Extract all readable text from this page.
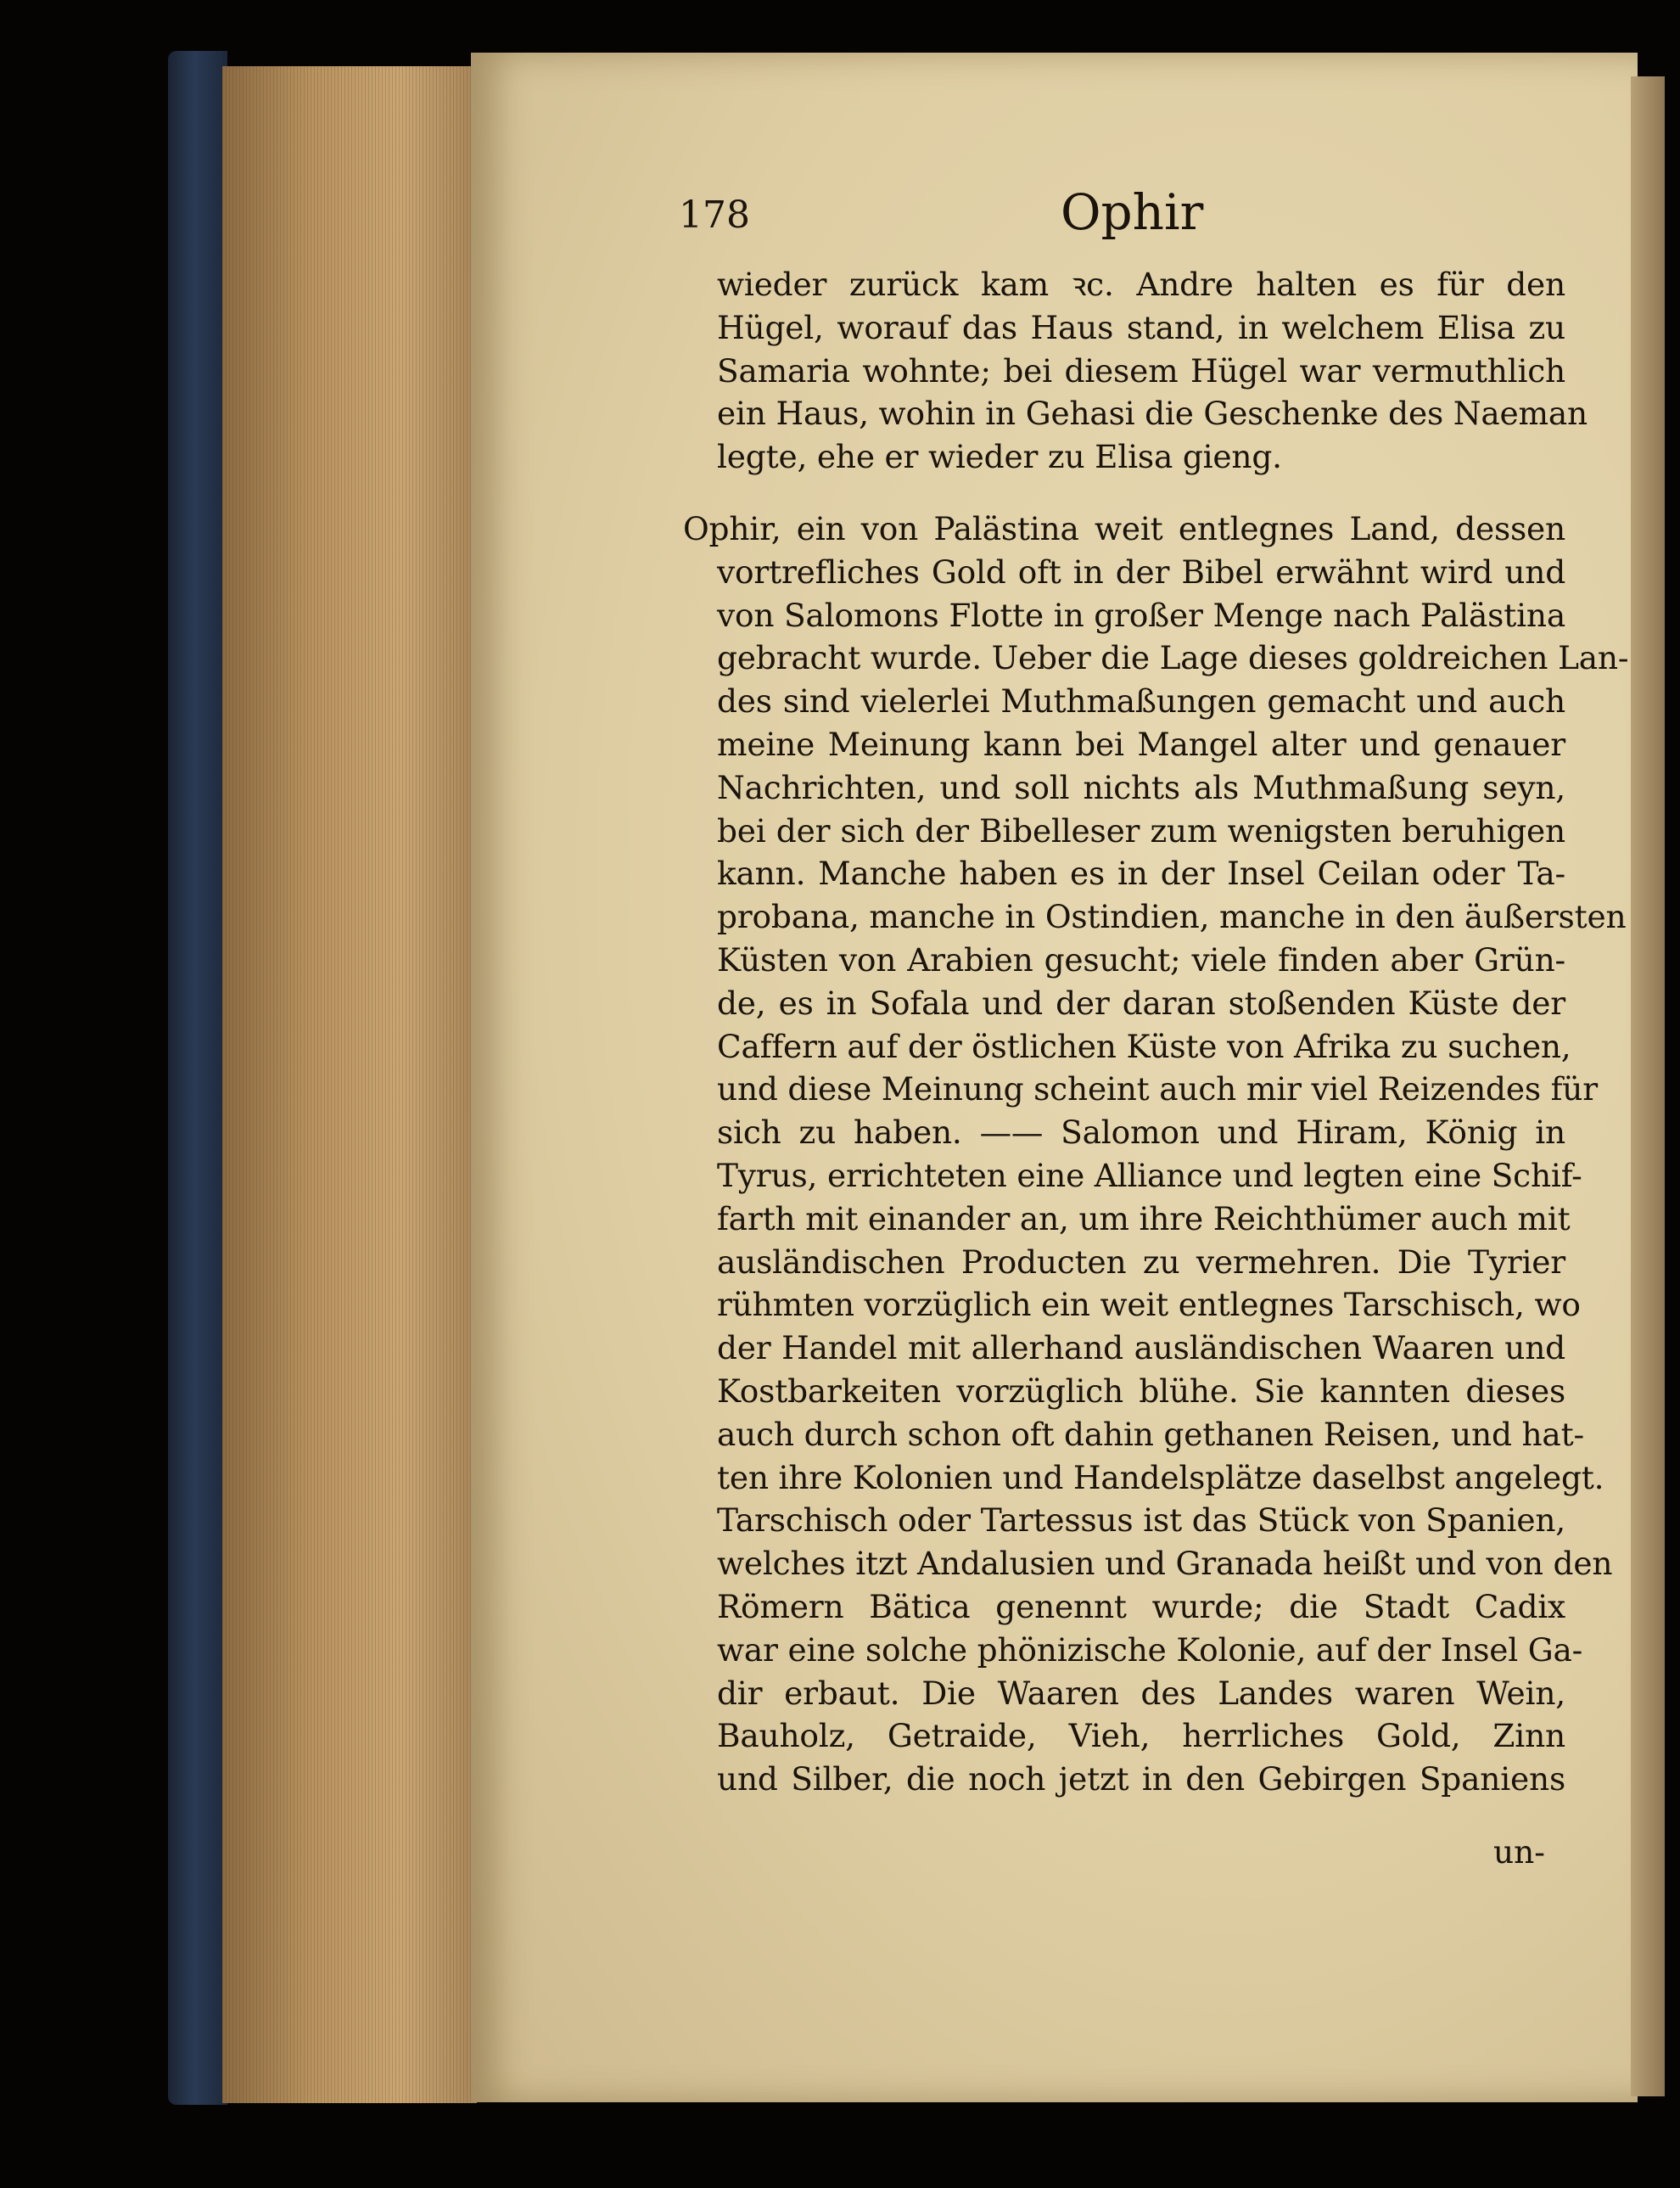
178	Ophir
wieder zurück kam ꝛc. Andre halten es für den
Hügel, worauf das Haus stand, in welchem Elisa zu
Samaria wohnte; bei diesem Hügel war vermuthlich
ein Haus, wohin in Gehasi die Geschenke des Naeman
legte, ehe er wieder zu Elisa gieng.
Ophir, ein von Palästina weit entlegnes Land, dessen
vortrefliches Gold oft in der Bibel erwähnt wird und
von Salomons Flotte in großer Menge nach Palästina
gebracht wurde. Ueber die Lage dieses goldreichen Lan-
des sind vielerlei Muthmaßungen gemacht und auch
meine Meinung kann bei Mangel alter und genauer
Nachrichten, und soll nichts als Muthmaßung seyn,
bei der sich der Bibelleser zum wenigsten beruhigen
kann. Manche haben es in der Insel Ceilan oder Ta-
probana, manche in Ostindien, manche in den äußersten
Küsten von Arabien gesucht; viele finden aber Grün-
de, es in Sofala und der daran stoßenden Küste der
Caffern auf der östlichen Küste von Afrika zu suchen,
und diese Meinung scheint auch mir viel Reizendes für
sich zu haben. —— Salomon und Hiram, König in
Tyrus, errichteten eine Alliance und legten eine Schif-
farth mit einander an, um ihre Reichthümer auch mit
ausländischen Producten zu vermehren. Die Tyrier
rühmten vorzüglich ein weit entlegnes Tarschisch, wo
der Handel mit allerhand ausländischen Waaren und
Kostbarkeiten vorzüglich blühe. Sie kannten dieses
auch durch schon oft dahin gethanen Reisen, und hat-
ten ihre Kolonien und Handelsplätze daselbst angelegt.
Tarschisch oder Tartessus ist das Stück von Spanien,
welches itzt Andalusien und Granada heißt und von den
Römern Bätica genennt wurde; die Stadt Cadix
war eine solche phönizische Kolonie, auf der Insel Ga-
dir erbaut. Die Waaren des Landes waren Wein,
Bauholz, Getraide, Vieh, herrliches Gold, Zinn
und Silber, die noch jetzt in den Gebirgen Spaniens
un-
